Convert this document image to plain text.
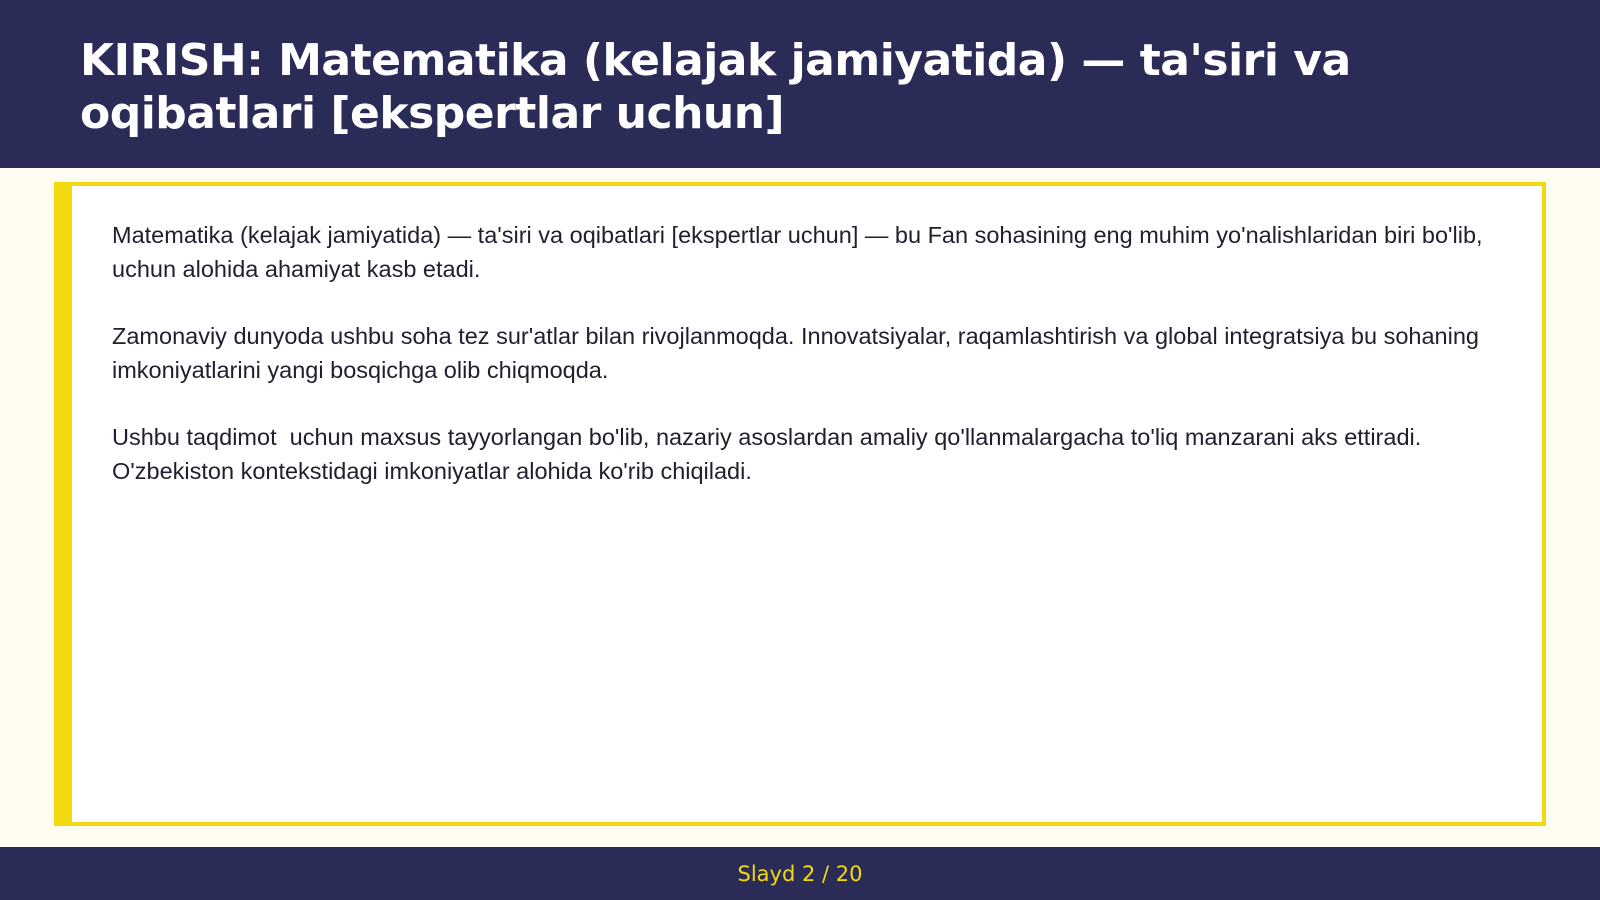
KIRISH: Matematika (kelajak jamiyatida) — ta'siri va oqibatlari [ekspertlar uchun]

Matematika (kelajak jamiyatida) — ta'siri va oqibatlari [ekspertlar uchun] — bu Fan sohasining eng muhim yo'nalishlaridan biri bo'lib,  uchun alohida ahamiyat kasb etadi.

Zamonaviy dunyoda ushbu soha tez sur'atlar bilan rivojlanmoqda. Innovatsiyalar, raqamlashtirish va global integratsiya bu sohaning imkoniyatlarini yangi bosqichga olib chiqmoqda.

Ushbu taqdimot  uchun maxsus tayyorlangan bo'lib, nazariy asoslardan amaliy qo'llanmalargacha to'liq manzarani aks ettiradi. O'zbekiston kontekstidagi imkoniyatlar alohida ko'rib chiqiladi.

Slayd 2 / 20
